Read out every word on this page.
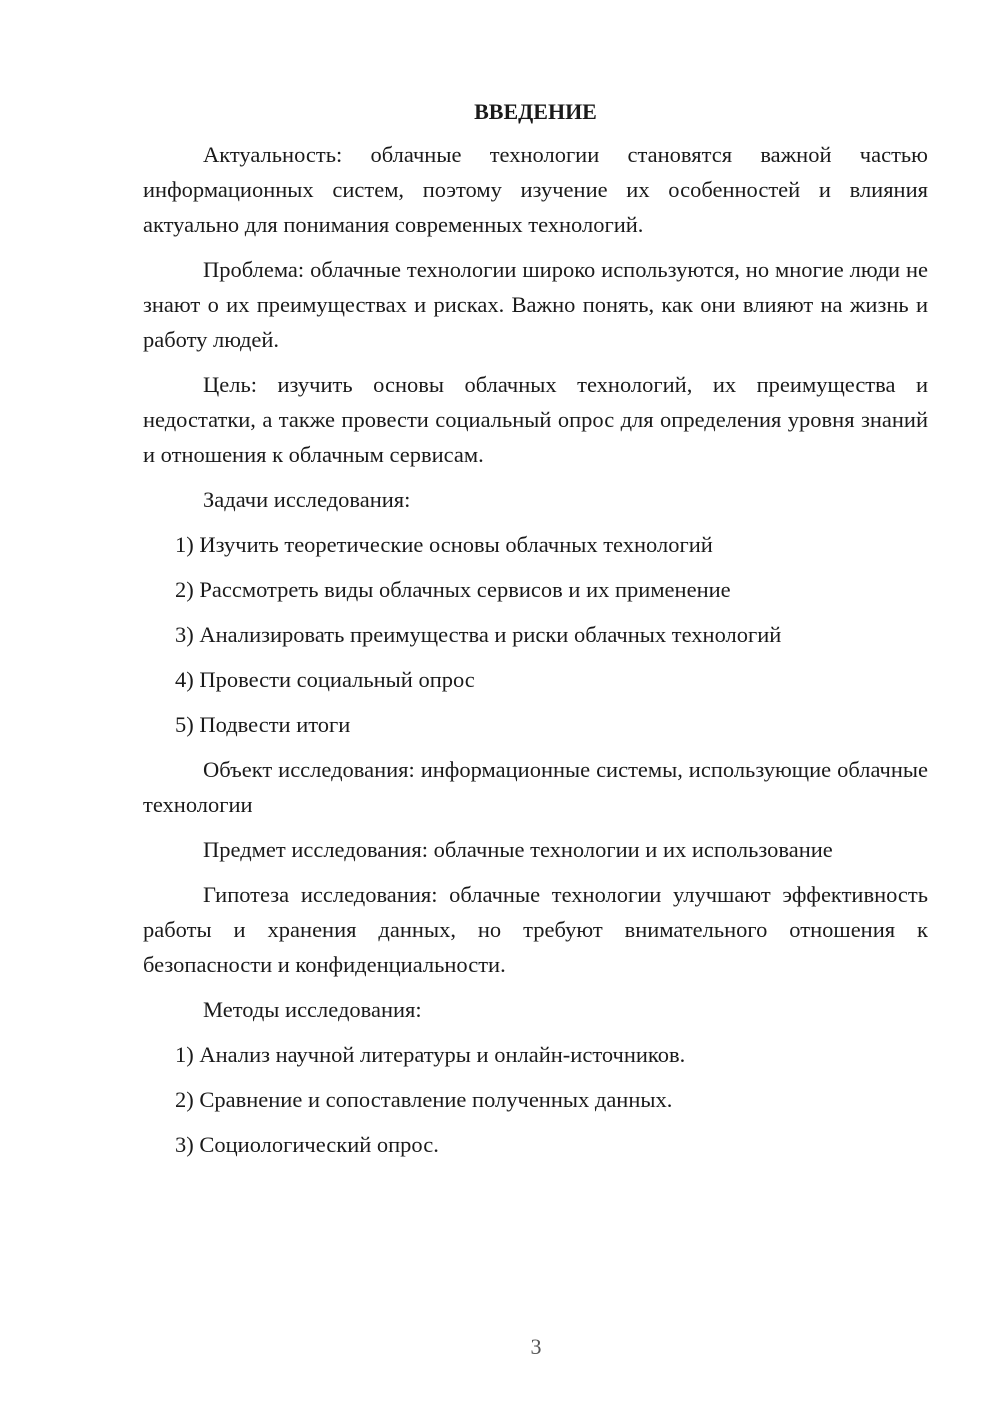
ВВЕДЕНИЕ

Актуальность: облачные технологии становятся важной частью информационных систем, поэтому изучение их особенностей и влияния актуально для понимания современных технологий.

Проблема: облачные технологии широко используются, но многие люди не знают о их преимуществах и рисках. Важно понять, как они влияют на жизнь и работу людей.

Цель: изучить основы облачных технологий, их преимущества и недостатки, а также провести социальный опрос для определения уровня знаний и отношения к облачным сервисам.

Задачи исследования:

1) Изучить теоретические основы облачных технологий

2) Рассмотреть виды облачных сервисов и их применение

3) Анализировать преимущества и риски облачных технологий

4) Провести социальный опрос

5) Подвести итоги

Объект исследования: информационные системы, использующие облачные технологии

Предмет исследования: облачные технологии и их использование

Гипотеза исследования: облачные технологии улучшают эффективность работы и хранения данных, но требуют внимательного отношения к безопасности и конфиденциальности.

Методы исследования:

1) Анализ научной литературы и онлайн-источников.

2) Сравнение и сопоставление полученных данных.

3) Социологический опрос.

3
